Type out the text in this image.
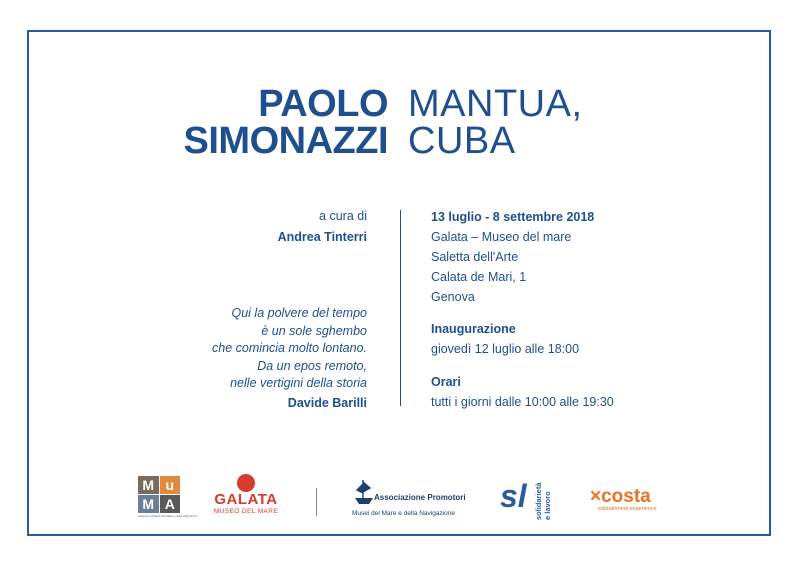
PAOLO
SIMONAZZI
MANTUA,
CUBA
a cura di
Andrea Tinterri
Qui la polvere del tempo
è un sole sghembo
che comincia molto lontano.
Da un epos remoto,
nelle vertigini della storia
Davide Barilli
13 luglio - 8 settembre 2018
Galata – Museo del mare
Saletta dell'Arte
Calata de Mari, 1
Genova
Inaugurazione
giovedì 12 luglio alle 18:00
Orari
tutti i giorni dalle 10:00 alle 19:30
M u
M A
Istituzione Musei del Mare e delle Migrazioni
GALATA
MUSEO DEL MARE
Associazione Promotori
Musei del Mare e della Navigazione sl solidarietà e lavoro ×costa
edutainment experience
